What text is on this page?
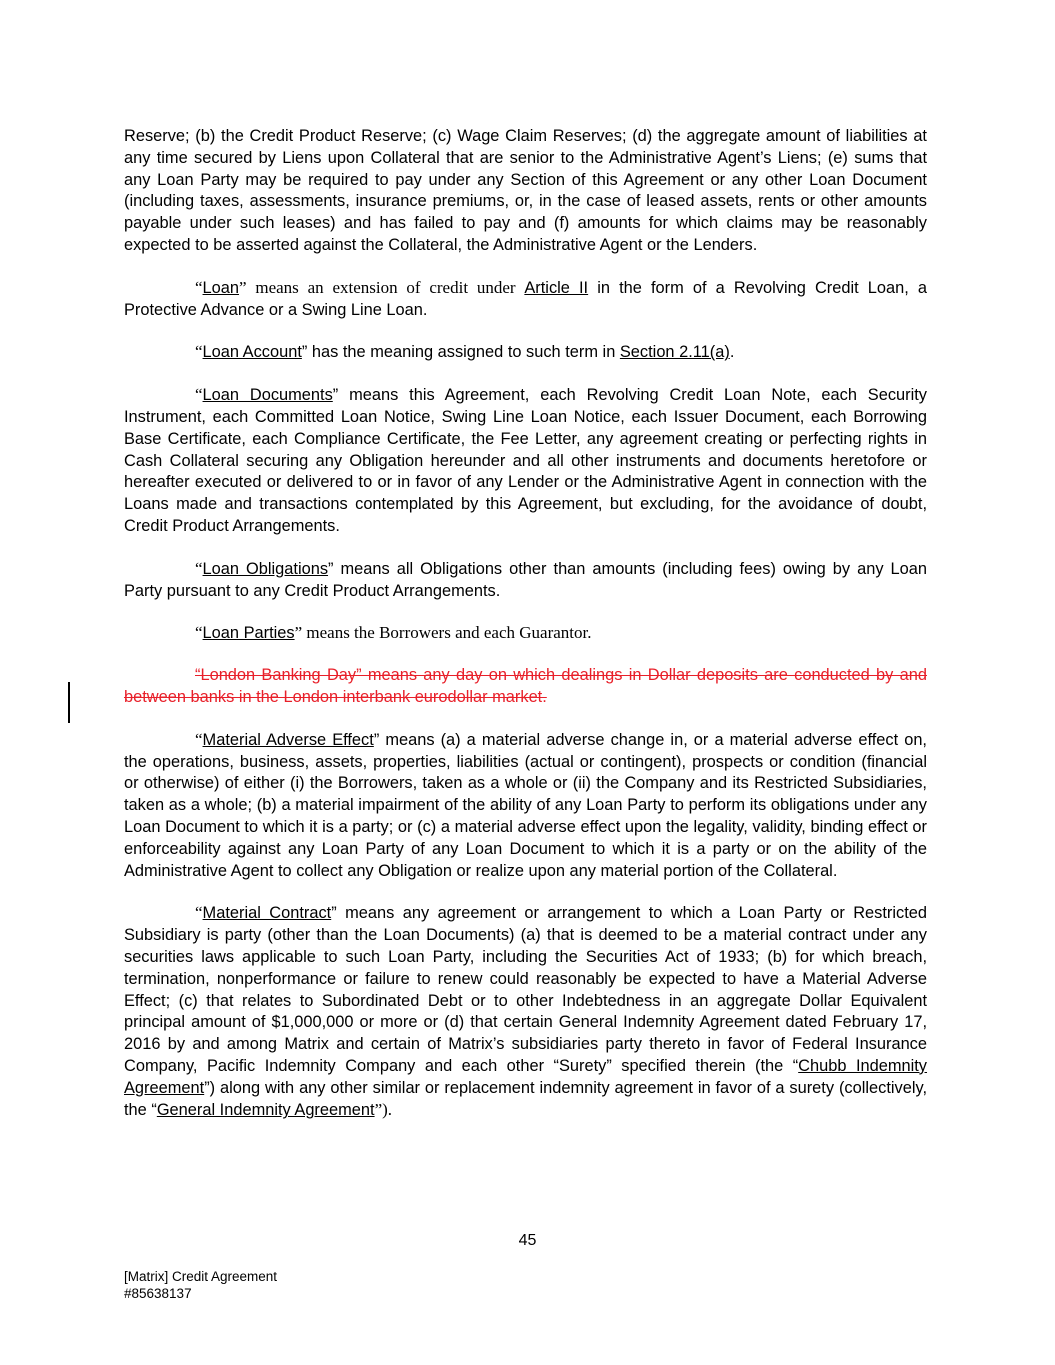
Reserve; (b) the Credit Product Reserve; (c) Wage Claim Reserves; (d) the aggregate amount of liabilities at any time secured by Liens upon Collateral that are senior to the Administrative Agent’s Liens; (e) sums that any Loan Party may be required to pay under any Section of this Agreement or any other Loan Document (including taxes, assessments, insurance premiums, or, in the case of leased assets, rents or other amounts payable under such leases) and has failed to pay and (f) amounts for which claims may be reasonably expected to be asserted against the Collateral, the Administrative Agent or the Lenders.

“Loan” means an extension of credit under Article II in the form of a Revolving Credit Loan, a Protective Advance or a Swing Line Loan.

“Loan Account” has the meaning assigned to such term in Section 2.11(a).

“Loan Documents” means this Agreement, each Revolving Credit Loan Note, each Security Instrument, each Committed Loan Notice, Swing Line Loan Notice, each Issuer Document, each Borrowing Base Certificate, each Compliance Certificate, the Fee Letter, any agreement creating or perfecting rights in Cash Collateral securing any Obligation hereunder and all other instruments and documents heretofore or hereafter executed or delivered to or in favor of any Lender or the Administrative Agent in connection with the Loans made and transactions contemplated by this Agreement, but excluding, for the avoidance of doubt, Credit Product Arrangements.

“Loan Obligations” means all Obligations other than amounts (including fees) owing by any Loan Party pursuant to any Credit Product Arrangements.

“Loan Parties” means the Borrowers and each Guarantor.

“London Banking Day” means any day on which dealings in Dollar deposits are conducted by and between banks in the London interbank eurodollar market.

“Material Adverse Effect” means (a) a material adverse change in, or a material adverse effect on, the operations, business, assets, properties, liabilities (actual or contingent), prospects or condition (financial or otherwise) of either (i) the Borrowers, taken as a whole or (ii) the Company and its Restricted Subsidiaries, taken as a whole; (b) a material impairment of the ability of any Loan Party to perform its obligations under any Loan Document to which it is a party; or (c) a material adverse effect upon the legality, validity, binding effect or enforceability against any Loan Party of any Loan Document to which it is a party or on the ability of the Administrative Agent to collect any Obligation or realize upon any material portion of the Collateral.

“Material Contract” means any agreement or arrangement to which a Loan Party or Restricted Subsidiary is party (other than the Loan Documents) (a) that is deemed to be a material contract under any securities laws applicable to such Loan Party, including the Securities Act of 1933; (b) for which breach, termination, nonperformance or failure to renew could reasonably be expected to have a Material Adverse Effect; (c) that relates to Subordinated Debt or to other Indebtedness in an aggregate Dollar Equivalent principal amount of $1,000,000 or more or (d) that certain General Indemnity Agreement dated February 17, 2016 by and among Matrix and certain of Matrix’s subsidiaries party thereto in favor of Federal Insurance Company, Pacific Indemnity Company and each other “Surety” specified therein (the “Chubb Indemnity Agreement”) along with any other similar or replacement indemnity agreement in favor of a surety (collectively, the “General Indemnity Agreement”).

45
[Matrix] Credit Agreement
#85638137
